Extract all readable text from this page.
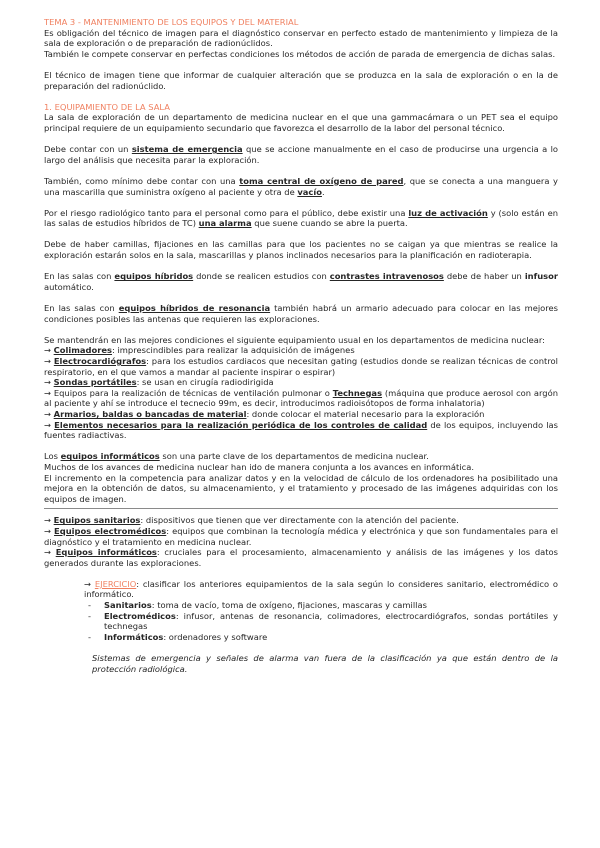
TEMA 3 - MANTENIMIENTO DE LOS EQUIPOS Y DEL MATERIAL

Es obligación del técnico de imagen para el diagnóstico conservar en perfecto estado de mantenimiento y limpieza de la sala de exploración o de preparación de radionúclidos.

También le compete conservar en perfectas condiciones los métodos de acción de parada de emergencia de dichas salas.

El técnico de imagen tiene que informar de cualquier alteración que se produzca en la sala de exploración o en la de preparación del radionúclido.

1. EQUIPAMIENTO DE LA SALA

La sala de exploración de un departamento de medicina nuclear en el que una gammacámara o un PET sea el equipo principal requiere de un equipamiento secundario que favorezca el desarrollo de la labor del personal técnico.

Debe contar con un sistema de emergencia que se accione manualmente en el caso de producirse una urgencia a lo largo del análisis que necesita parar la exploración.

También, como mínimo debe contar con una toma central de oxígeno de pared, que se conecta a una manguera y una mascarilla que suministra oxígeno al paciente y otra de vacío.

Por el riesgo radiológico tanto para el personal como para el público, debe existir una luz de activación y (solo están en las salas de estudios híbridos de TC) una alarma que suene cuando se abre la puerta.

Debe de haber camillas, fijaciones en las camillas para que los pacientes no se caigan ya que mientras se realice la exploración estarán solos en la sala, mascarillas y planos inclinados necesarios para la planificación en radioterapia.

En las salas con equipos híbridos donde se realicen estudios con contrastes intravenosos debe de haber un infusor automático.

En las salas con equipos híbridos de resonancia también habrá un armario adecuado para colocar en las mejores condiciones posibles las antenas que requieren las exploraciones.

Se mantendrán en las mejores condiciones el siguiente equipamiento usual en los departamentos de medicina nuclear:

→ Colimadores: imprescindibles para realizar la adquisición de imágenes

→ Electrocardiógrafos: para los estudios cardiacos que necesitan gating (estudios donde se realizan técnicas de control respiratorio, en el que vamos a mandar al paciente inspirar o espirar)

→ Sondas portátiles: se usan en cirugía radiodirigida

→ Equipos para la realización de técnicas de ventilación pulmonar o Technegas (máquina que produce aerosol con argón al paciente y ahí se introduce el tecnecio 99m, es decir, introducimos radioisótopos de forma inhalatoria)

→ Armarios, baldas o bancadas de material: donde colocar el material necesario para la exploración

→ Elementos necesarios para la realización periódica de los controles de calidad de los equipos, incluyendo las fuentes radiactivas.

Los equipos informáticos son una parte clave de los departamentos de medicina nuclear.

Muchos de los avances de medicina nuclear han ido de manera conjunta a los avances en informática.

El incremento en la competencia para analizar datos y en la velocidad de cálculo de los ordenadores ha posibilitado una mejora en la obtención de datos, su almacenamiento, y el tratamiento y procesado de las imágenes adquiridas con los equipos de imagen.

→ Equipos sanitarios: dispositivos que tienen que ver directamente con la atención del paciente.

→ Equipos electromédicos: equipos que combinan la tecnología médica y electrónica y que son fundamentales para el diagnóstico y el tratamiento en medicina nuclear.

→ Equipos informáticos: cruciales para el procesamiento, almacenamiento y análisis de las imágenes y los datos generados durante las exploraciones.

→ EJERCICIO: clasificar los anteriores equipamientos de la sala según lo consideres sanitario, electromédico o informático.

- Sanitarios: toma de vacío, toma de oxígeno, fijaciones, mascaras y camillas
- Electromédicos: infusor, antenas de resonancia, colimadores, electrocardiógrafos, sondas portátiles y technegas
- Informáticos: ordenadores y software

Sistemas de emergencia y señales de alarma van fuera de la clasificación ya que están dentro de la protección radiológica.
